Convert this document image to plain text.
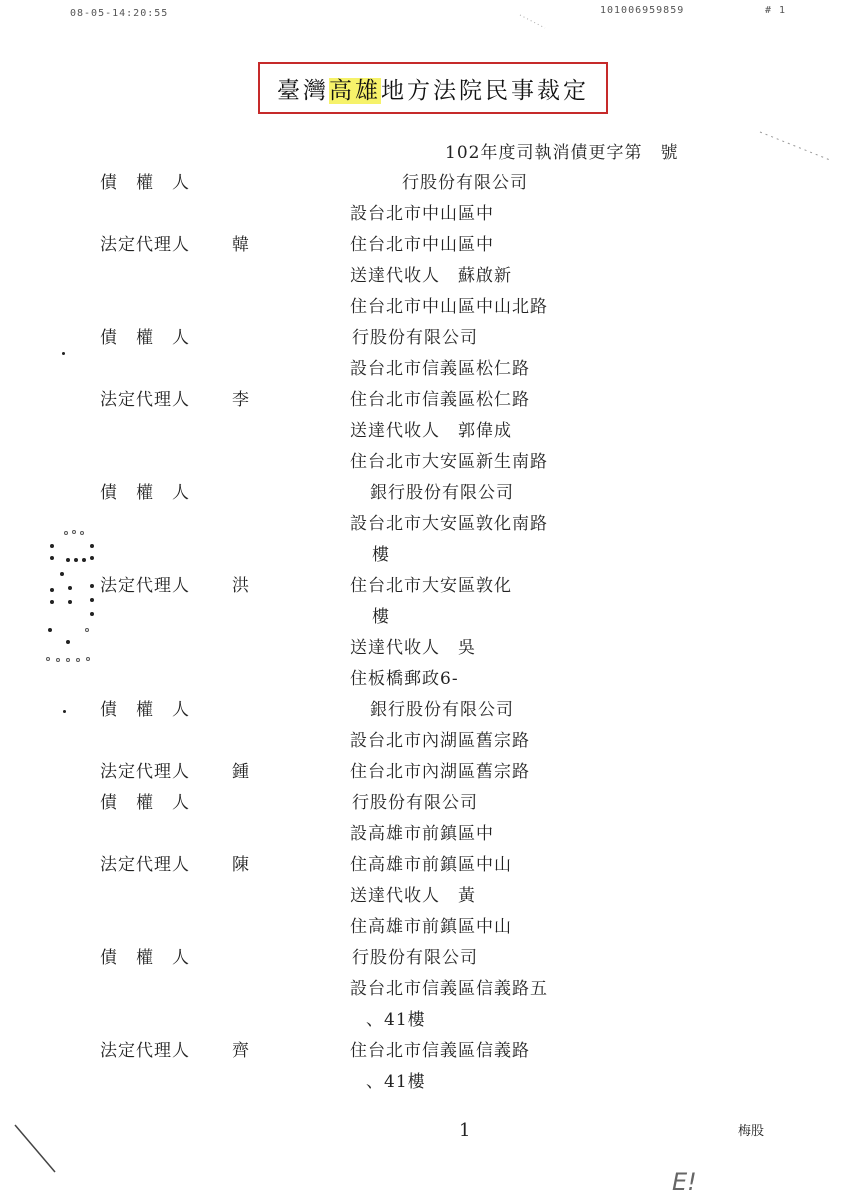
08-05-14:20:55	101006959859	# 1
臺灣高雄地方法院民事裁定
102年度司執消債更字第　號
債　權　人	行股份有限公司
設台北市中山區中
法定代理人 韓	住台北市中山區中
送達代收人　蘇啟新
住台北市中山區中山北路
債　權　人	行股份有限公司
設台北市信義區松仁路
法定代理人 李	住台北市信義區松仁路
送達代收人　郭偉成
住台北市大安區新生南路
債　權　人	銀行股份有限公司
設台北市大安區敦化南路
樓
法定代理人 洪	住台北市大安區敦化
樓
送達代收人　吳
住板橋郵政6-
債　權　人	銀行股份有限公司
設台北市內湖區舊宗路
法定代理人 鍾	住台北市內湖區舊宗路
債　權　人	行股份有限公司
設高雄市前鎮區中
法定代理人 陳	住高雄市前鎮區中山
送達代收人　黃
住高雄市前鎮區中山
債　權　人	行股份有限公司
設台北市信義區信義路五
、41樓
法定代理人 齊	住台北市信義區信義路
、41樓
1	梅股
E!
